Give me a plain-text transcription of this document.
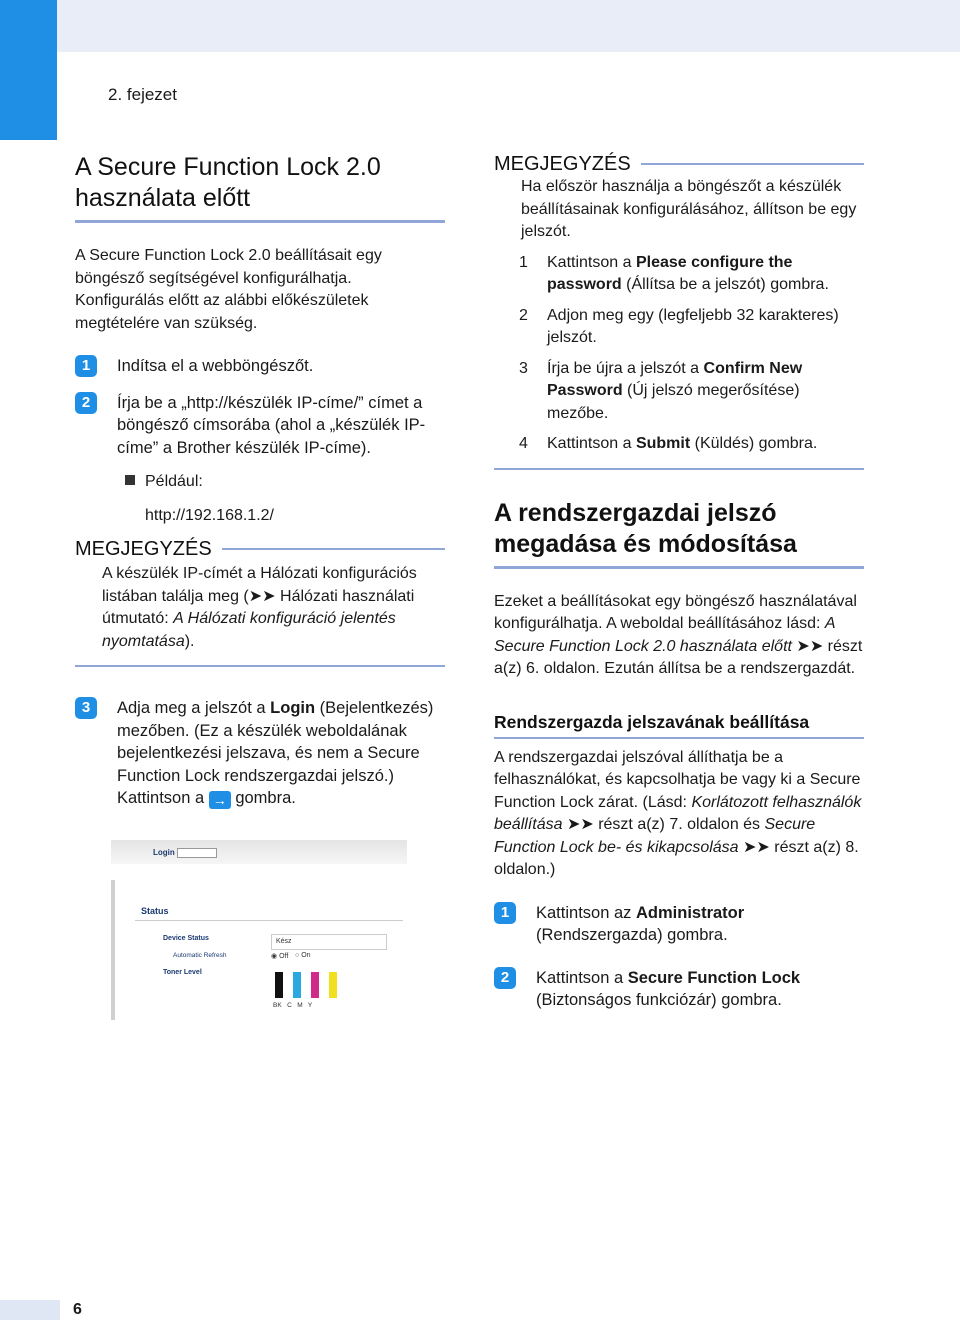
2. fejezet
A Secure Function Lock 2.0 használata előtt

A Secure Function Lock 2.0 beállításait egy böngésző segítségével konfigurálhatja. Konfigurálás előtt az alábbi előkészületek megtételére van szükség.

1	Indítsa el a webböngészőt.
2	Írja be a „http://készülék IP-címe/” címet a böngésző címsorába (ahol a „készülék IP-címe” a Brother készülék IP-címe).
Például:
http://192.168.1.2/
MEGJEGYZÉS
A készülék IP-címét a Hálózati konfigurációs listában találja meg (➤➤ Hálózati használati útmutató: A Hálózati konfiguráció jelentés nyomtatása).
3	Adja meg a jelszót a Login (Bejelentkezés) mezőben. (Ez a készülék weboldalának bejelentkezési jelszava, és nem a Secure Function Lock rendszergazdai jelszó.) Kattintson a → gombra.
Login
Status
Device Status
Automatic Refresh
Toner Level
Kész
◉ Off ○ On
BK   C   M   Y
MEGJEGYZÉS
Ha először használja a böngészőt a készülék beállításainak konfigurálásához, állítson be egy jelszót.
1 Kattintson a Please configure the password (Állítsa be a jelszót) gombra.
2 Adjon meg egy (legfeljebb 32 karakteres) jelszót.
3 Írja be újra a jelszót a Confirm New Password (Új jelszó megerősítése) mezőbe.
4 Kattintson a Submit (Küldés) gombra.
A rendszergazdai jelszó megadása és módosítása

Ezeket a beállításokat egy böngésző használatával konfigurálhatja. A weboldal beállításához lásd: A Secure Function Lock 2.0 használata előtt ➤➤ részt a(z) 6. oldalon. Ezután állítsa be a rendszergazdát.

Rendszergazda jelszavának beállítása

A rendszergazdai jelszóval állíthatja be a felhasználókat, és kapcsolhatja be vagy ki a Secure Function Lock zárat. (Lásd: Korlátozott felhasználók beállítása ➤➤ részt a(z) 7. oldalon és Secure Function Lock be- és kikapcsolása ➤➤ részt a(z) 8. oldalon.)

1	Kattintson az Administrator (Rendszergazda) gombra.
2	Kattintson a Secure Function Lock (Biztonságos funkciózár) gombra.
6
